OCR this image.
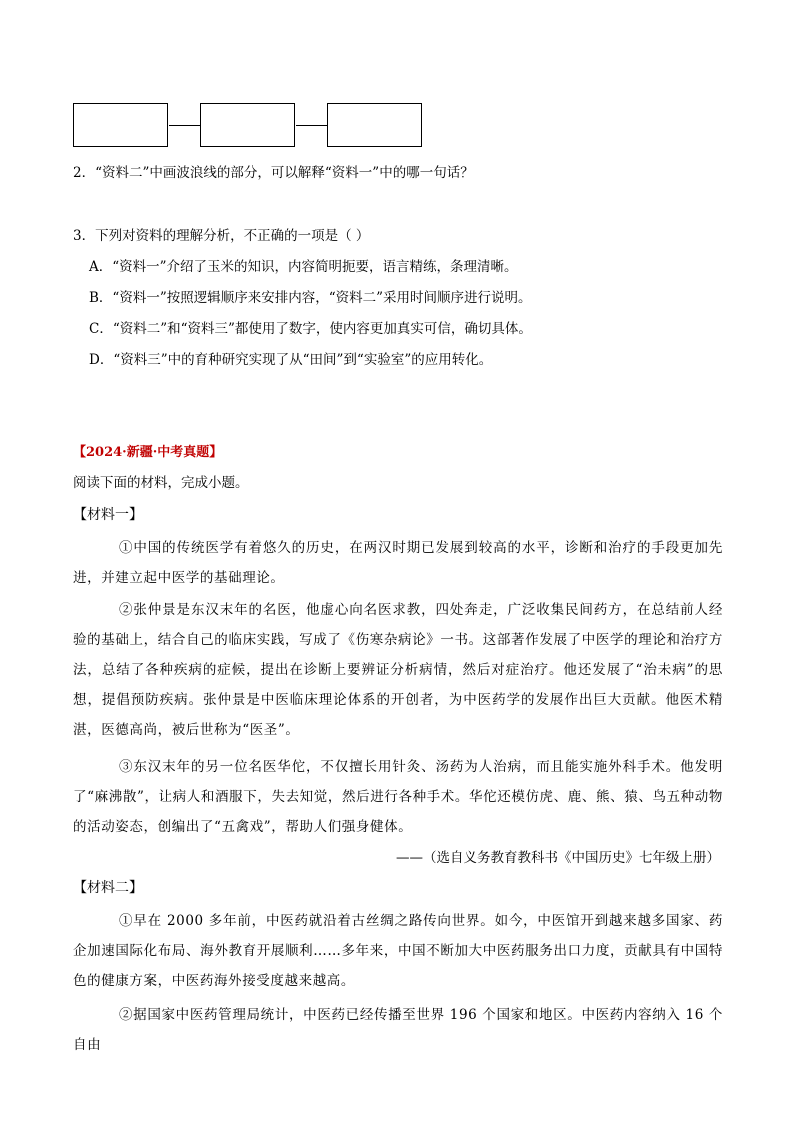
2．“资料二”中画波浪线的部分，可以解释“资料一”中的哪一句话？
3．下列对资料的理解分析，不正确的一项是（ ）
A．“资料一”介绍了玉米的知识，内容简明扼要，语言精练，条理清晰。
B．“资料一”按照逻辑顺序来安排内容，“资料二”采用时间顺序进行说明。
C．“资料二”和“资料三”都使用了数字，使内容更加真实可信，确切具体。
D．“资料三”中的育种研究实现了从“田间”到“实验室”的应用转化。
【2024·新疆·中考真题】
阅读下面的材料，完成小题。
【材料一】
①中国的传统医学有着悠久的历史，在两汉时期已发展到较高的水平，诊断和治疗的手段更加先进，并建立起中医学的基础理论。
②张仲景是东汉末年的名医，他虚心向名医求教，四处奔走，广泛收集民间药方，在总结前人经验的基础上，结合自己的临床实践，写成了《伤寒杂病论》一书。这部著作发展了中医学的理论和治疗方法，总结了各种疾病的症候，提出在诊断上要辨证分析病情，然后对症治疗。他还发展了“治未病”的思想，提倡预防疾病。张仲景是中医临床理论体系的开创者，为中医药学的发展作出巨大贡献。他医术精湛，医德高尚，被后世称为“医圣”。
③东汉末年的另一位名医华佗，不仅擅长用针灸、汤药为人治病，而且能实施外科手术。他发明了“麻沸散”，让病人和酒服下，失去知觉，然后进行各种手术。华佗还模仿虎、鹿、熊、猿、鸟五种动物的活动姿态，创编出了“五禽戏”，帮助人们强身健体。
——（选自义务教育教科书《中国历史》七年级上册）
【材料二】
①早在 2000 多年前，中医药就沿着古丝绸之路传向世界。如今，中医馆开到越来越多国家、药企加速国际化布局、海外教育开展顺利……多年来，中国不断加大中医药服务出口力度，贡献具有中国特色的健康方案，中医药海外接受度越来越高。
②据国家中医药管理局统计，中医药已经传播至世界 196 个国家和地区。中医药内容纳入 16 个自由
